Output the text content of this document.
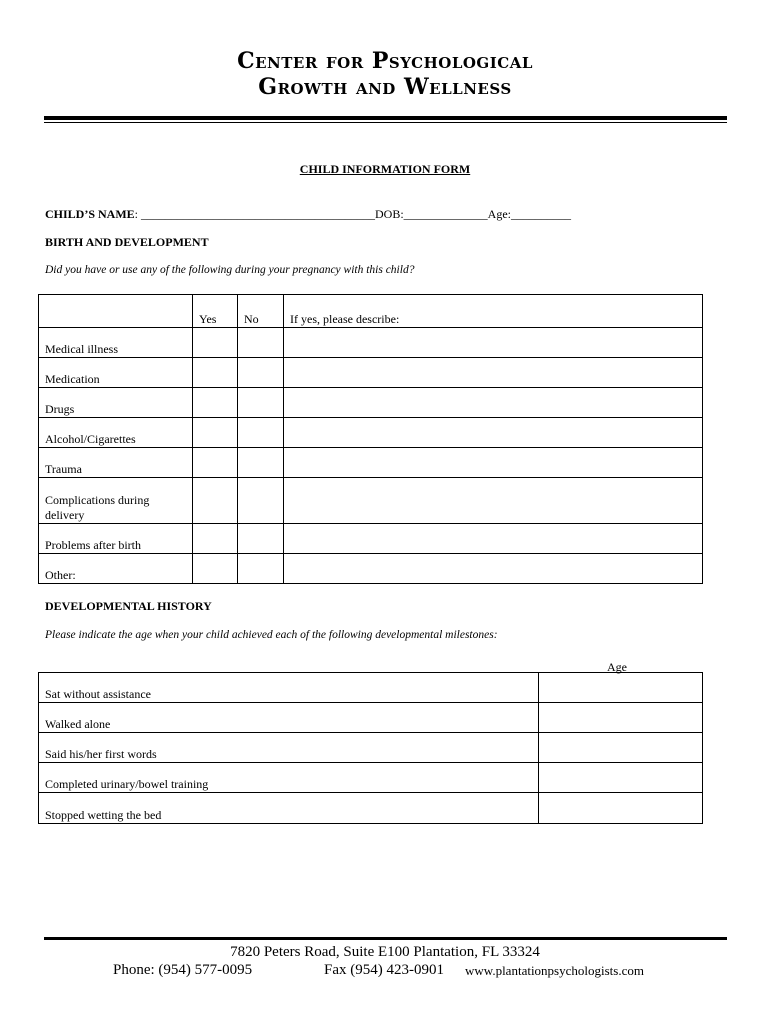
Center for Psychological
Growth and Wellness
CHILD INFORMATION FORM
CHILD’S NAME: _______________________________________DOB:______________Age:__________
BIRTH AND DEVELOPMENT
Did you have or use any of the following during your pregnancy with this child?
	Yes	No	If yes, please describe:
Medical illness			
Medication			
Drugs			
Alcohol/Cigarettes			
Trauma			
Complications during delivery			
Problems after birth			
Other:			
DEVELOPMENTAL HISTORY
Please indicate the age when your child achieved each of the following developmental milestones:
Age
Sat without assistance	
Walked alone	
Said his/her first words	
Completed urinary/bowel training	
Stopped wetting the bed	
7820 Peters Road, Suite E100 Plantation, FL 33324
Phone: (954) 577-0095	Fax (954) 423-0901 www.plantationpsychologists.com
